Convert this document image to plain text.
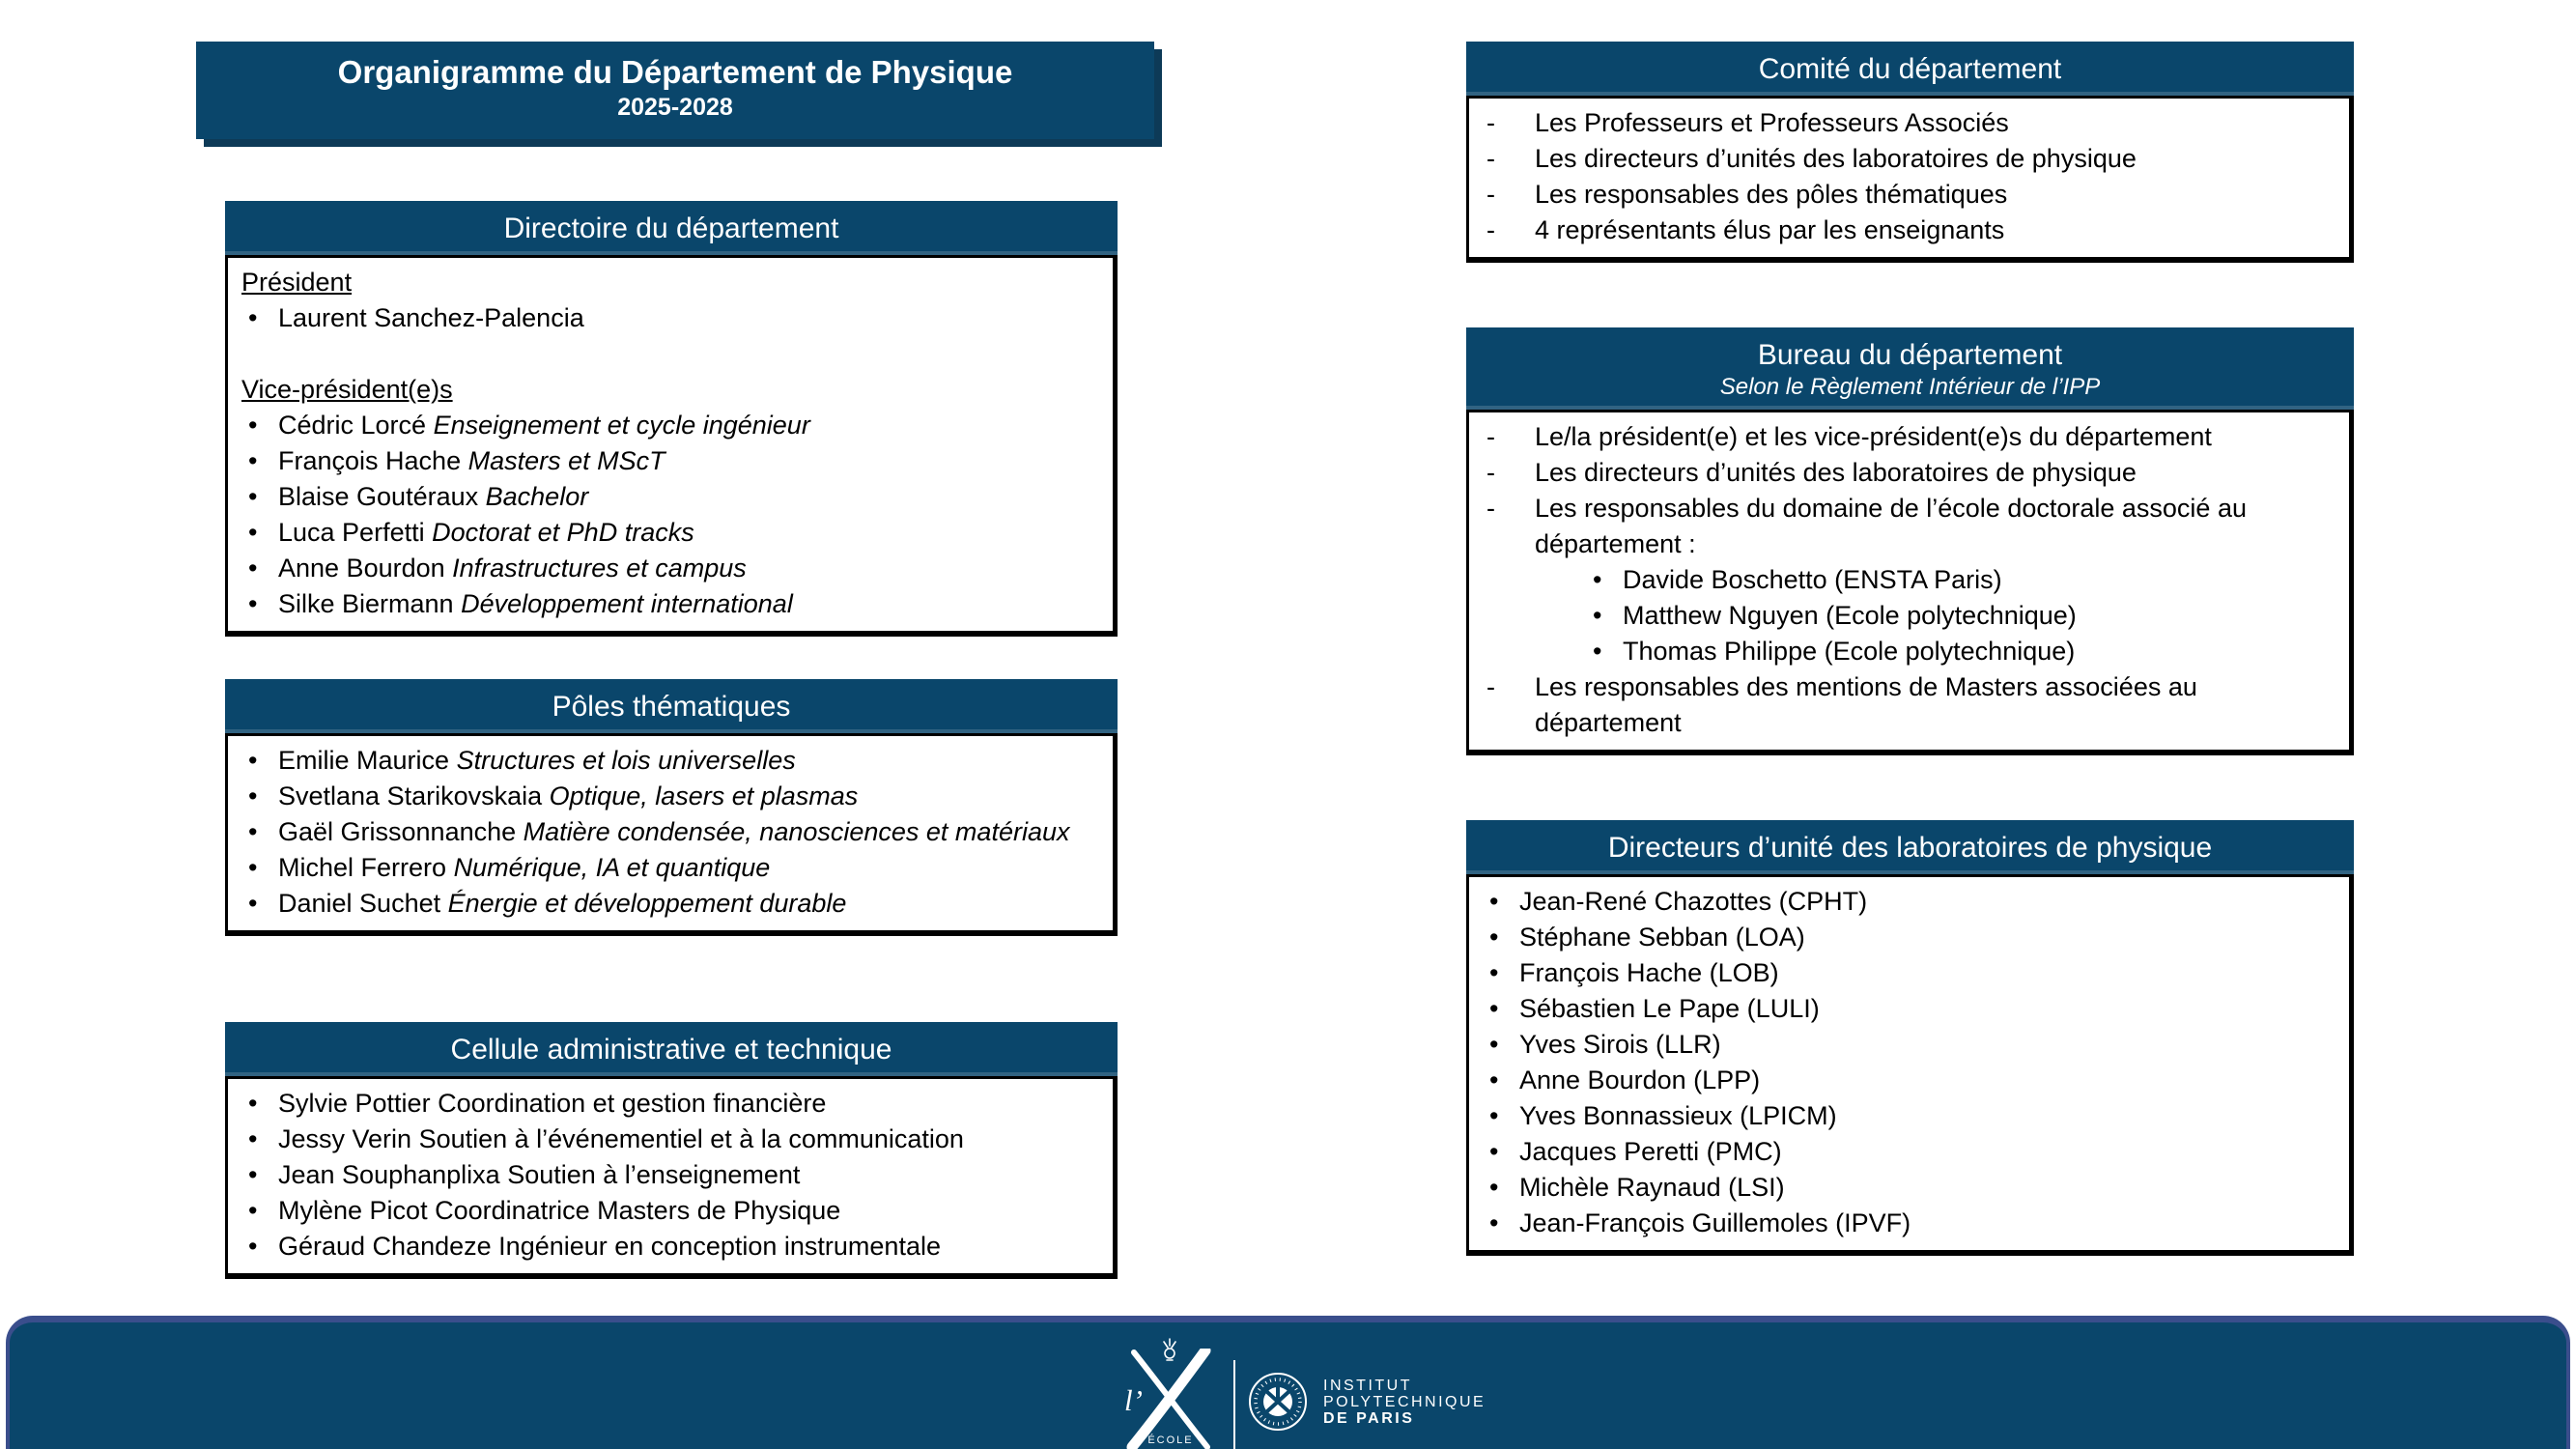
Organigramme du Département de Physique
2025-2028
Directoire du département
Président
• Laurent Sanchez-Palencia
Vice-président(e)s
• Cédric Lorcé Enseignement et cycle ingénieur
• François Hache Masters et MScT
• Blaise Goutéraux Bachelor
• Luca Perfetti Doctorat et PhD tracks
• Anne Bourdon Infrastructures et campus
• Silke Biermann Développement international
Pôles thématiques
• Emilie Maurice Structures et lois universelles
• Svetlana Starikovskaia Optique, lasers et plasmas
• Gaël Grissonnanche Matière condensée, nanosciences et matériaux
• Michel Ferrero Numérique, IA et quantique
• Daniel Suchet Énergie et développement durable
Cellule administrative et technique
• Sylvie Pottier Coordination et gestion financière
• Jessy Verin Soutien à l’événementiel et à la communication
• Jean Souphanplixa Soutien à l’enseignement
• Mylène Picot Coordinatrice Masters de Physique
• Géraud Chandeze Ingénieur en conception instrumentale
Comité du département
- Les Professeurs et Professeurs Associés
- Les directeurs d’unités des laboratoires de physique
- Les responsables des pôles thématiques
- 4 représentants élus par les enseignants
Bureau du département
Selon le Règlement Intérieur de l’IPP
- Le/la président(e) et les vice-président(e)s du département
- Les directeurs d’unités des laboratoires de physique
- Les responsables du domaine de l’école doctorale associé au département :
• Davide Boschetto (ENSTA Paris)
• Matthew Nguyen (Ecole polytechnique)
• Thomas Philippe (Ecole polytechnique)
- Les responsables des mentions de Masters associées au département
Directeurs d’unité des laboratoires de physique
• Jean-René Chazottes (CPHT)
• Stéphane Sebban (LOA)
• François Hache (LOB)
• Sébastien Le Pape (LULI)
• Yves Sirois (LLR)
• Anne Bourdon (LPP)
• Yves Bonnassieux (LPICM)
• Jacques Peretti (PMC)
• Michèle Raynaud (LSI)
• Jean-François Guillemoles (IPVF)
l’
ÉCOLE
INSTITUT
POLYTECHNIQUE
DE PARIS
